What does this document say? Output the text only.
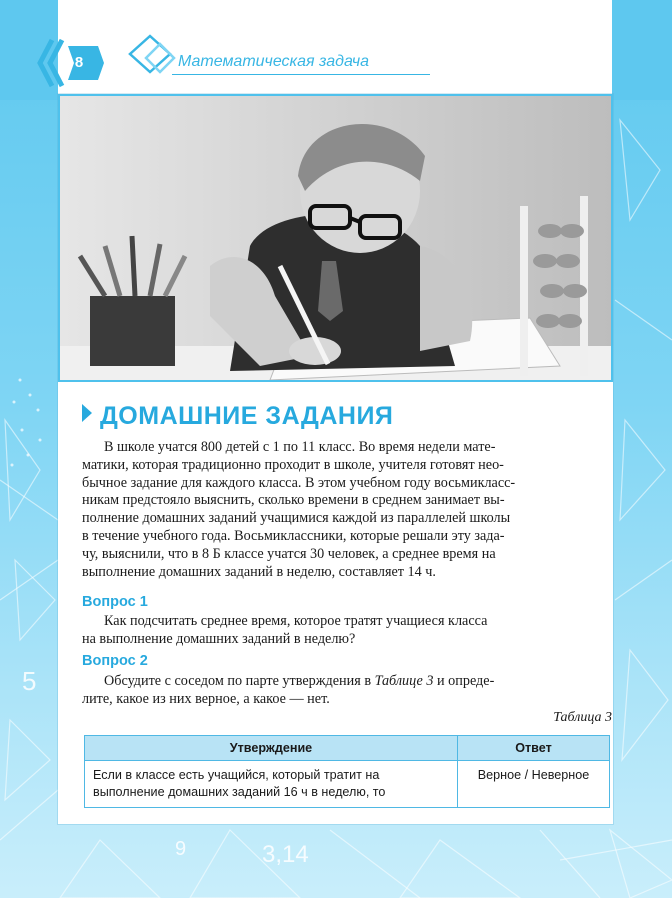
5
9	3,14
8	Математическая задача
ДОМАШНИЕ ЗАДАНИЯ
В школе учатся 800 детей с 1 по 11 класс. Во время недели мате-
матики, которая традиционно проходит в школе, учителя готовят нео-
бычное задание для каждого класса. В этом учебном году восьмикласс-
никам предстояло выяснить, сколько времени в среднем занимает вы-
полнение домашних заданий учащимися каждой из параллелей школы
в течение учебного года. Восьмиклассники, которые решали эту зада-
чу, выяснили, что в 8 Б классе учатся 30 человек, а среднее время на
выполнение домашних заданий в неделю, составляет 14 ч.
Вопрос 1
Как подсчитать среднее время, которое тратят учащиеся класса
на выполнение домашних заданий в неделю?
Вопрос 2
Обсудите с соседом по парте утверждения в Таблице 3 и опреде-
лите, какое из них верное, а какое — нет.
Таблица 3
Утверждение	Ответ

Если в классе есть учащийся, который тратит на
выполнение домашних заданий 16 ч в неделю, то	Верное / Неверное
